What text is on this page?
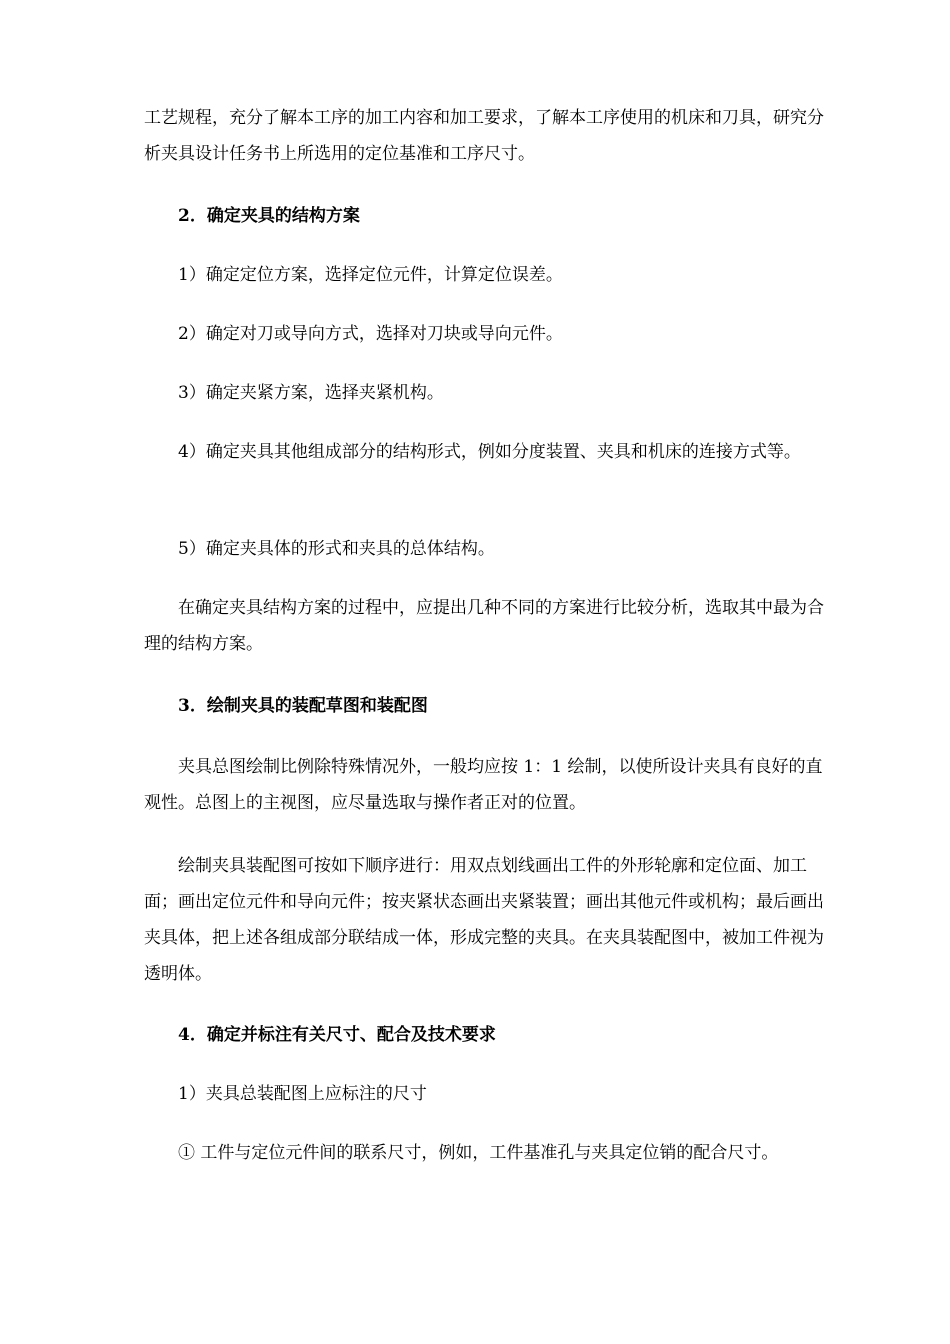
工艺规程，充分了解本工序的加工内容和加工要求，了解本工序使用的机床和刀具，研究分析夹具设计任务书上所选用的定位基准和工序尺寸。

2．确定夹具的结构方案

1）确定定位方案，选择定位元件，计算定位误差。

2）确定对刀或导向方式，选择对刀块或导向元件。

3）确定夹紧方案，选择夹紧机构。

4）确定夹具其他组成部分的结构形式，例如分度装置、夹具和机床的连接方式等。

5）确定夹具体的形式和夹具的总体结构。

在确定夹具结构方案的过程中，应提出几种不同的方案进行比较分析，选取其中最为合理的结构方案。

3．绘制夹具的装配草图和装配图

夹具总图绘制比例除特殊情况外，一般均应按 1：1 绘制，以使所设计夹具有良好的直观性。总图上的主视图，应尽量选取与操作者正对的位置。

绘制夹具装配图可按如下顺序进行：用双点划线画出工件的外形轮廓和定位面、加工面；画出定位元件和导向元件；按夹紧状态画出夹紧装置；画出其他元件或机构；最后画出夹具体，把上述各组成部分联结成一体，形成完整的夹具。在夹具装配图中，被加工件视为透明体。

4．确定并标注有关尺寸、配合及技术要求

1）夹具总装配图上应标注的尺寸

① 工件与定位元件间的联系尺寸，例如，工件基准孔与夹具定位销的配合尺寸。
